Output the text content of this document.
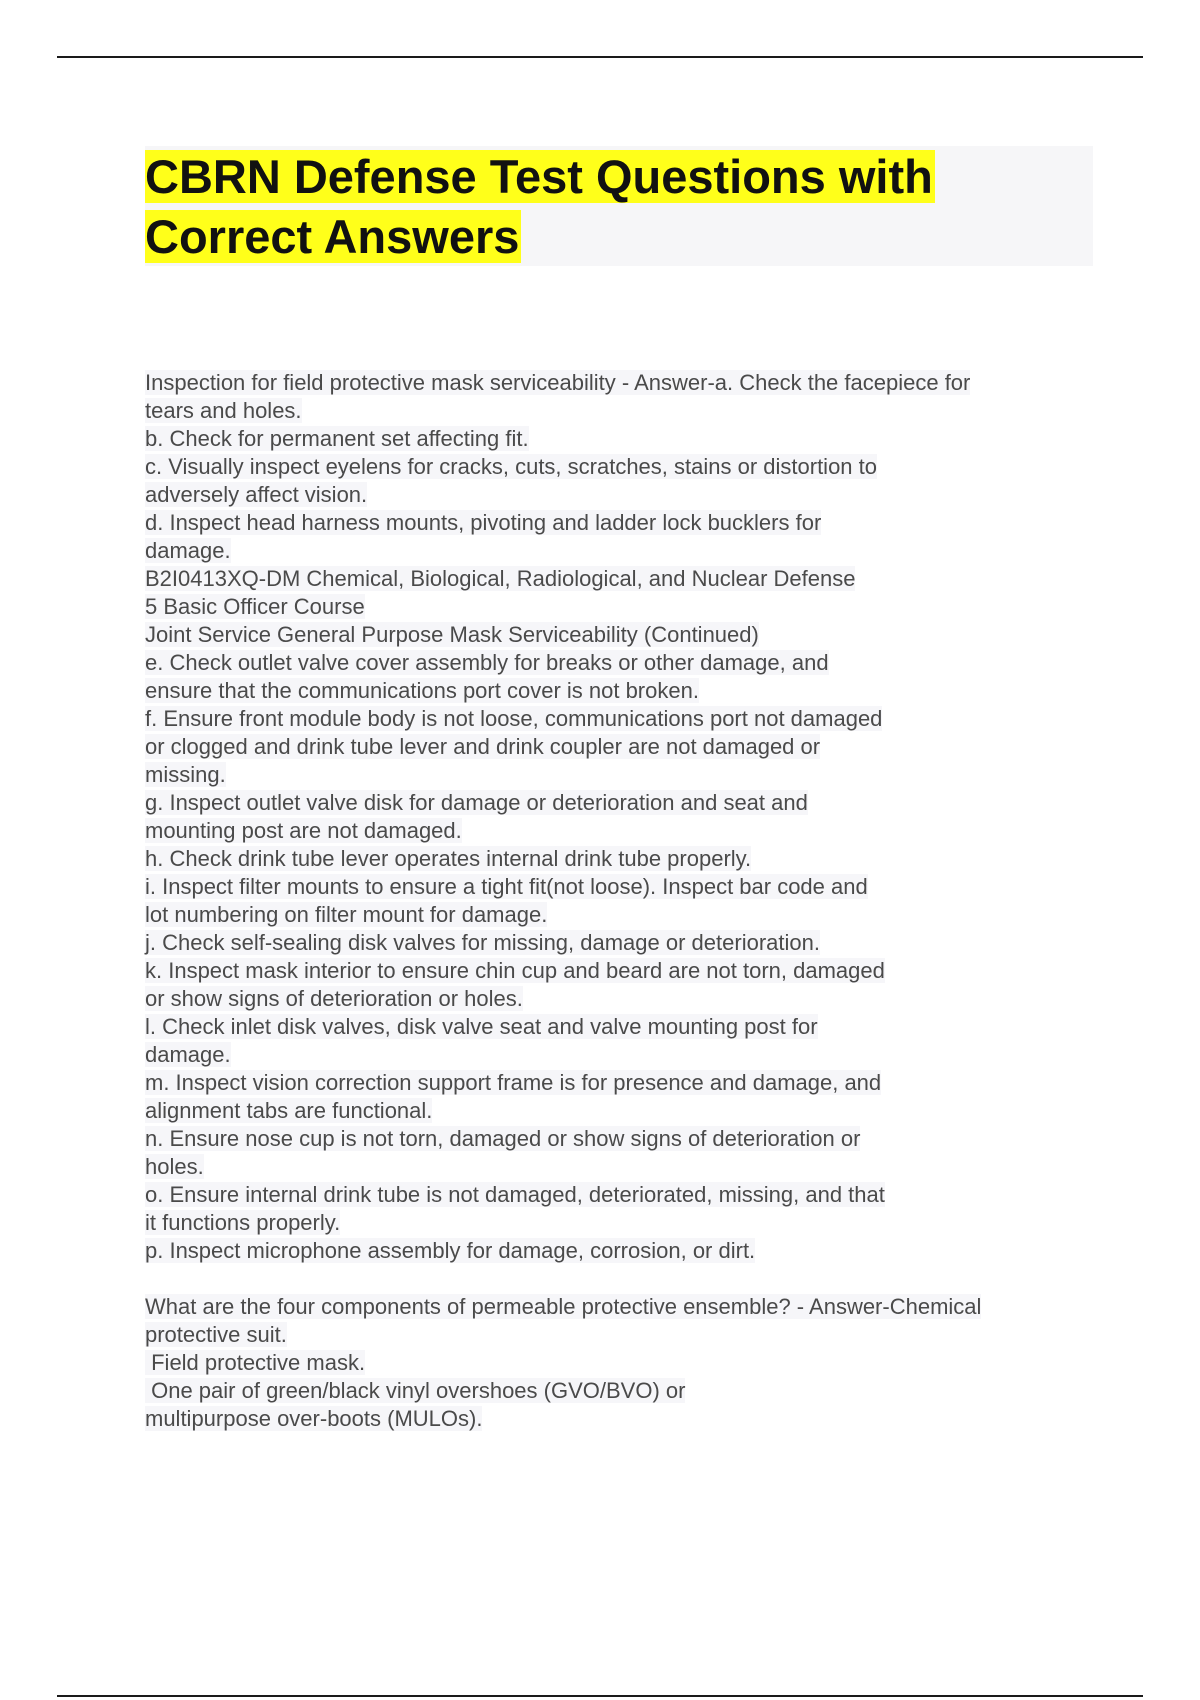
CBRN Defense Test Questions with
Correct Answers
Inspection for field protective mask serviceability - Answer-a. Check the facepiece for
tears and holes.
b. Check for permanent set affecting fit.
c. Visually inspect eyelens for cracks, cuts, scratches, stains or distortion to
adversely affect vision.
d. Inspect head harness mounts, pivoting and ladder lock bucklers for
damage.
B2I0413XQ-DM Chemical, Biological, Radiological, and Nuclear Defense
5 Basic Officer Course
Joint Service General Purpose Mask Serviceability (Continued)
e. Check outlet valve cover assembly for breaks or other damage, and
ensure that the communications port cover is not broken.
f. Ensure front module body is not loose, communications port not damaged
or clogged and drink tube lever and drink coupler are not damaged or
missing.
g. Inspect outlet valve disk for damage or deterioration and seat and
mounting post are not damaged.
h. Check drink tube lever operates internal drink tube properly.
i. Inspect filter mounts to ensure a tight fit(not loose). Inspect bar code and
lot numbering on filter mount for damage.
j. Check self-sealing disk valves for missing, damage or deterioration.
k. Inspect mask interior to ensure chin cup and beard are not torn, damaged
or show signs of deterioration or holes.
l. Check inlet disk valves, disk valve seat and valve mounting post for
damage.
m. Inspect vision correction support frame is for presence and damage, and
alignment tabs are functional.
n. Ensure nose cup is not torn, damaged or show signs of deterioration or
holes.
o. Ensure internal drink tube is not damaged, deteriorated, missing, and that
it functions properly.
p. Inspect microphone assembly for damage, corrosion, or dirt.
What are the four components of permeable protective ensemble? - Answer-Chemical
protective suit.
Field protective mask.
One pair of green/black vinyl overshoes (GVO/BVO) or
multipurpose over-boots (MULOs).
